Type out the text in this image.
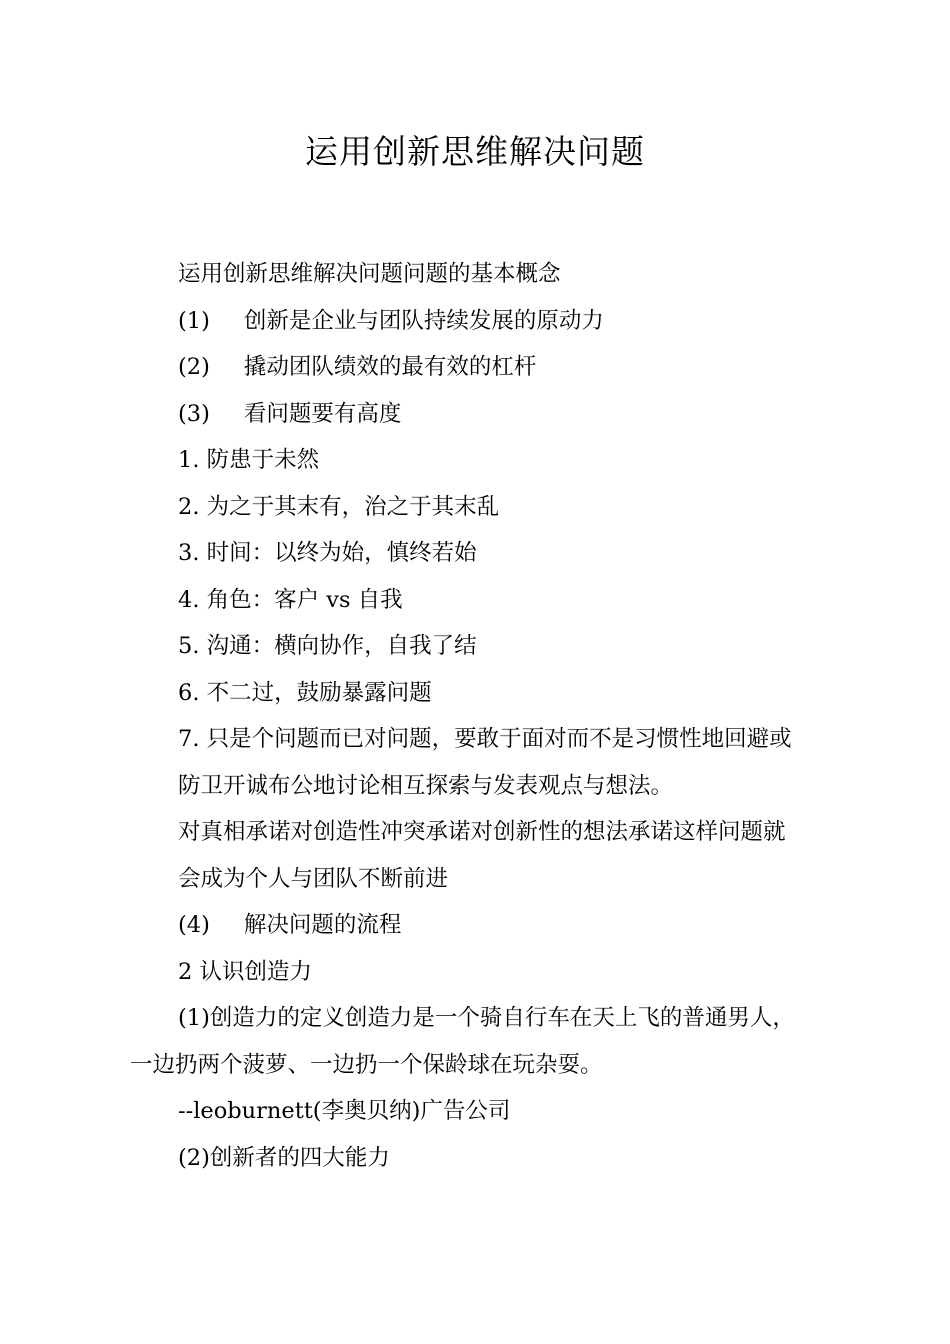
运用创新思维解决问题
运用创新思维解决问题问题的基本概念
(1) 创新是企业与团队持续发展的原动力
(2) 撬动团队绩效的最有效的杠杆
(3) 看问题要有高度
1. 防患于未然
2. 为之于其末有，治之于其末乱
3. 时间：以终为始，慎终若始
4. 角色：客户 vs 自我
5. 沟通：横向协作，自我了结
6. 不二过，鼓励暴露问题
7. 只是个问题而已对问题，要敢于面对而不是习惯性地回避或
防卫开诚布公地讨论相互探索与发表观点与想法。
对真相承诺对创造性冲突承诺对创新性的想法承诺这样问题就
会成为个人与团队不断前进
(4) 解决问题的流程
2 认识创造力
(1)创造力的定义创造力是一个骑自行车在天上飞的普通男人，
一边扔两个菠萝、一边扔一个保龄球在玩杂耍。
--leoburnett(李奥贝纳)广告公司
(2)创新者的四大能力
